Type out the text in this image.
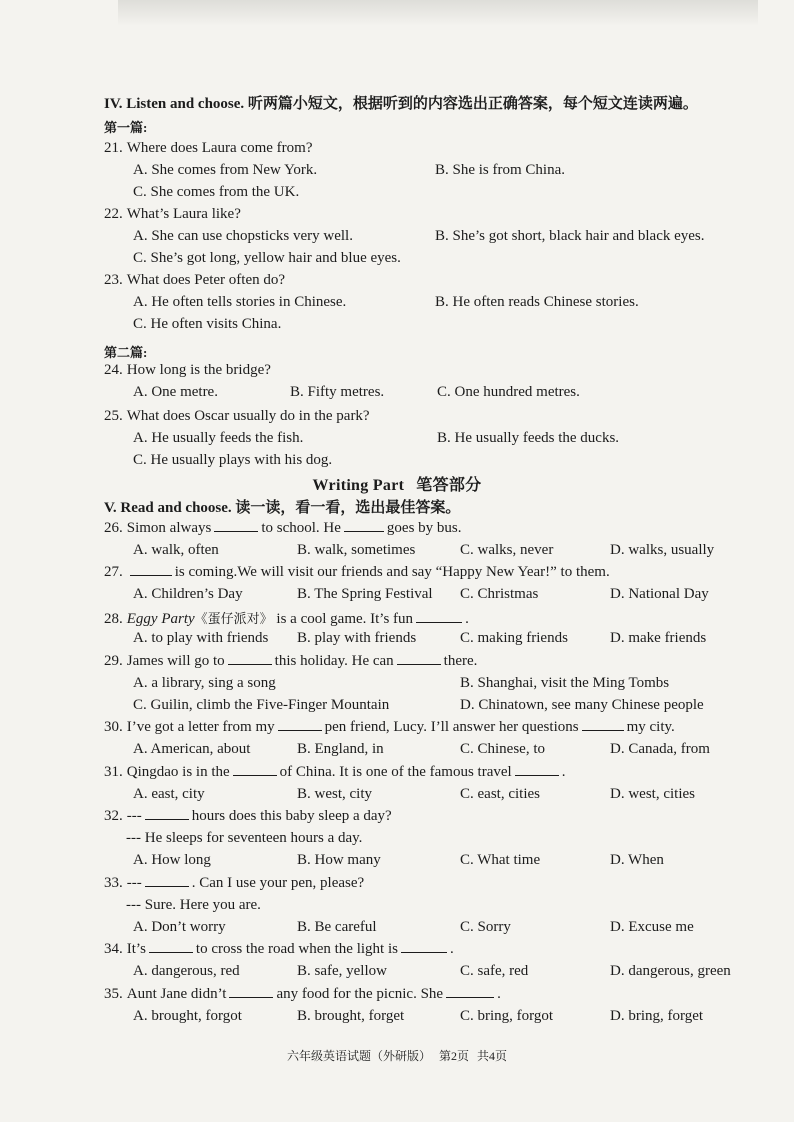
IV. Listen and choose. 听两篇小短文，根据听到的内容选出正确答案，每个短文连读两遍。
第一篇:
21. Where does Laura come from?
A. She comes from New York.	B. She is from China.
C. She comes from the UK.
22. What’s Laura like?
A. She can use chopsticks very well.	B. She’s got short, black hair and black eyes.
C. She’s got long, yellow hair and blue eyes.
23. What does Peter often do?
A. He often tells stories in Chinese.	B. He often reads Chinese stories.
C. He often visits China.
第二篇:
24. How long is the bridge?
A. One metre.	B. Fifty metres.	C. One hundred metres.
25. What does Oscar usually do in the park?
A. He usually feeds the fish.	B. He usually feeds the ducks.
C. He usually plays with his dog.
Writing Part 笔答部分
V. Read and choose. 读一读，看一看，选出最佳答案。
26. Simon always	to school. He	goes by bus.
A. walk, often	B. walk, sometimes	C. walks, never	D. walks, usually
27.	is coming.We will visit our friends and say “Happy New Year!” to them.
A. Children’s Day	B. The Spring Festival C. Christmas	D. National Day
28. Eggy Party《蛋仔派对》 is a cool game. It’s fun	.
A. to play with friends B. play with friends	C. making friends	D. make friends
29. James will go to	this holiday. He can	there.
A. a library, sing a song	B. Shanghai, visit the Ming Tombs
C. Guilin, climb the Five-Finger Mountain	D. Chinatown, see many Chinese people
30. I’ve got a letter from my	pen friend, Lucy. I’ll answer her questions	my city.
A. American, about	B. England, in	C. Chinese, to	D. Canada, from
31. Qingdao is in the	of China. It is one of the famous travel	.
A. east, city	B. west, city	C. east, cities	D. west, cities
32. ---	hours does this baby sleep a day?
--- He sleeps for seventeen hours a day.
A. How long	B. How many	C. What time	D. When
33. ---	. Can I use your pen, please?
--- Sure. Here you are.
A. Don’t worry	B. Be careful	C. Sorry	D. Excuse me
34. It’s	to cross the road when the light is	.
A. dangerous, red	B. safe, yellow	C. safe, red	D. dangerous, green
35. Aunt Jane didn’t	any food for the picnic. She	.
A. brought, forgot	B. brought, forget	C. bring, forgot	D. bring, forget
六年级英语试题（外研版） 第2页 共4页
